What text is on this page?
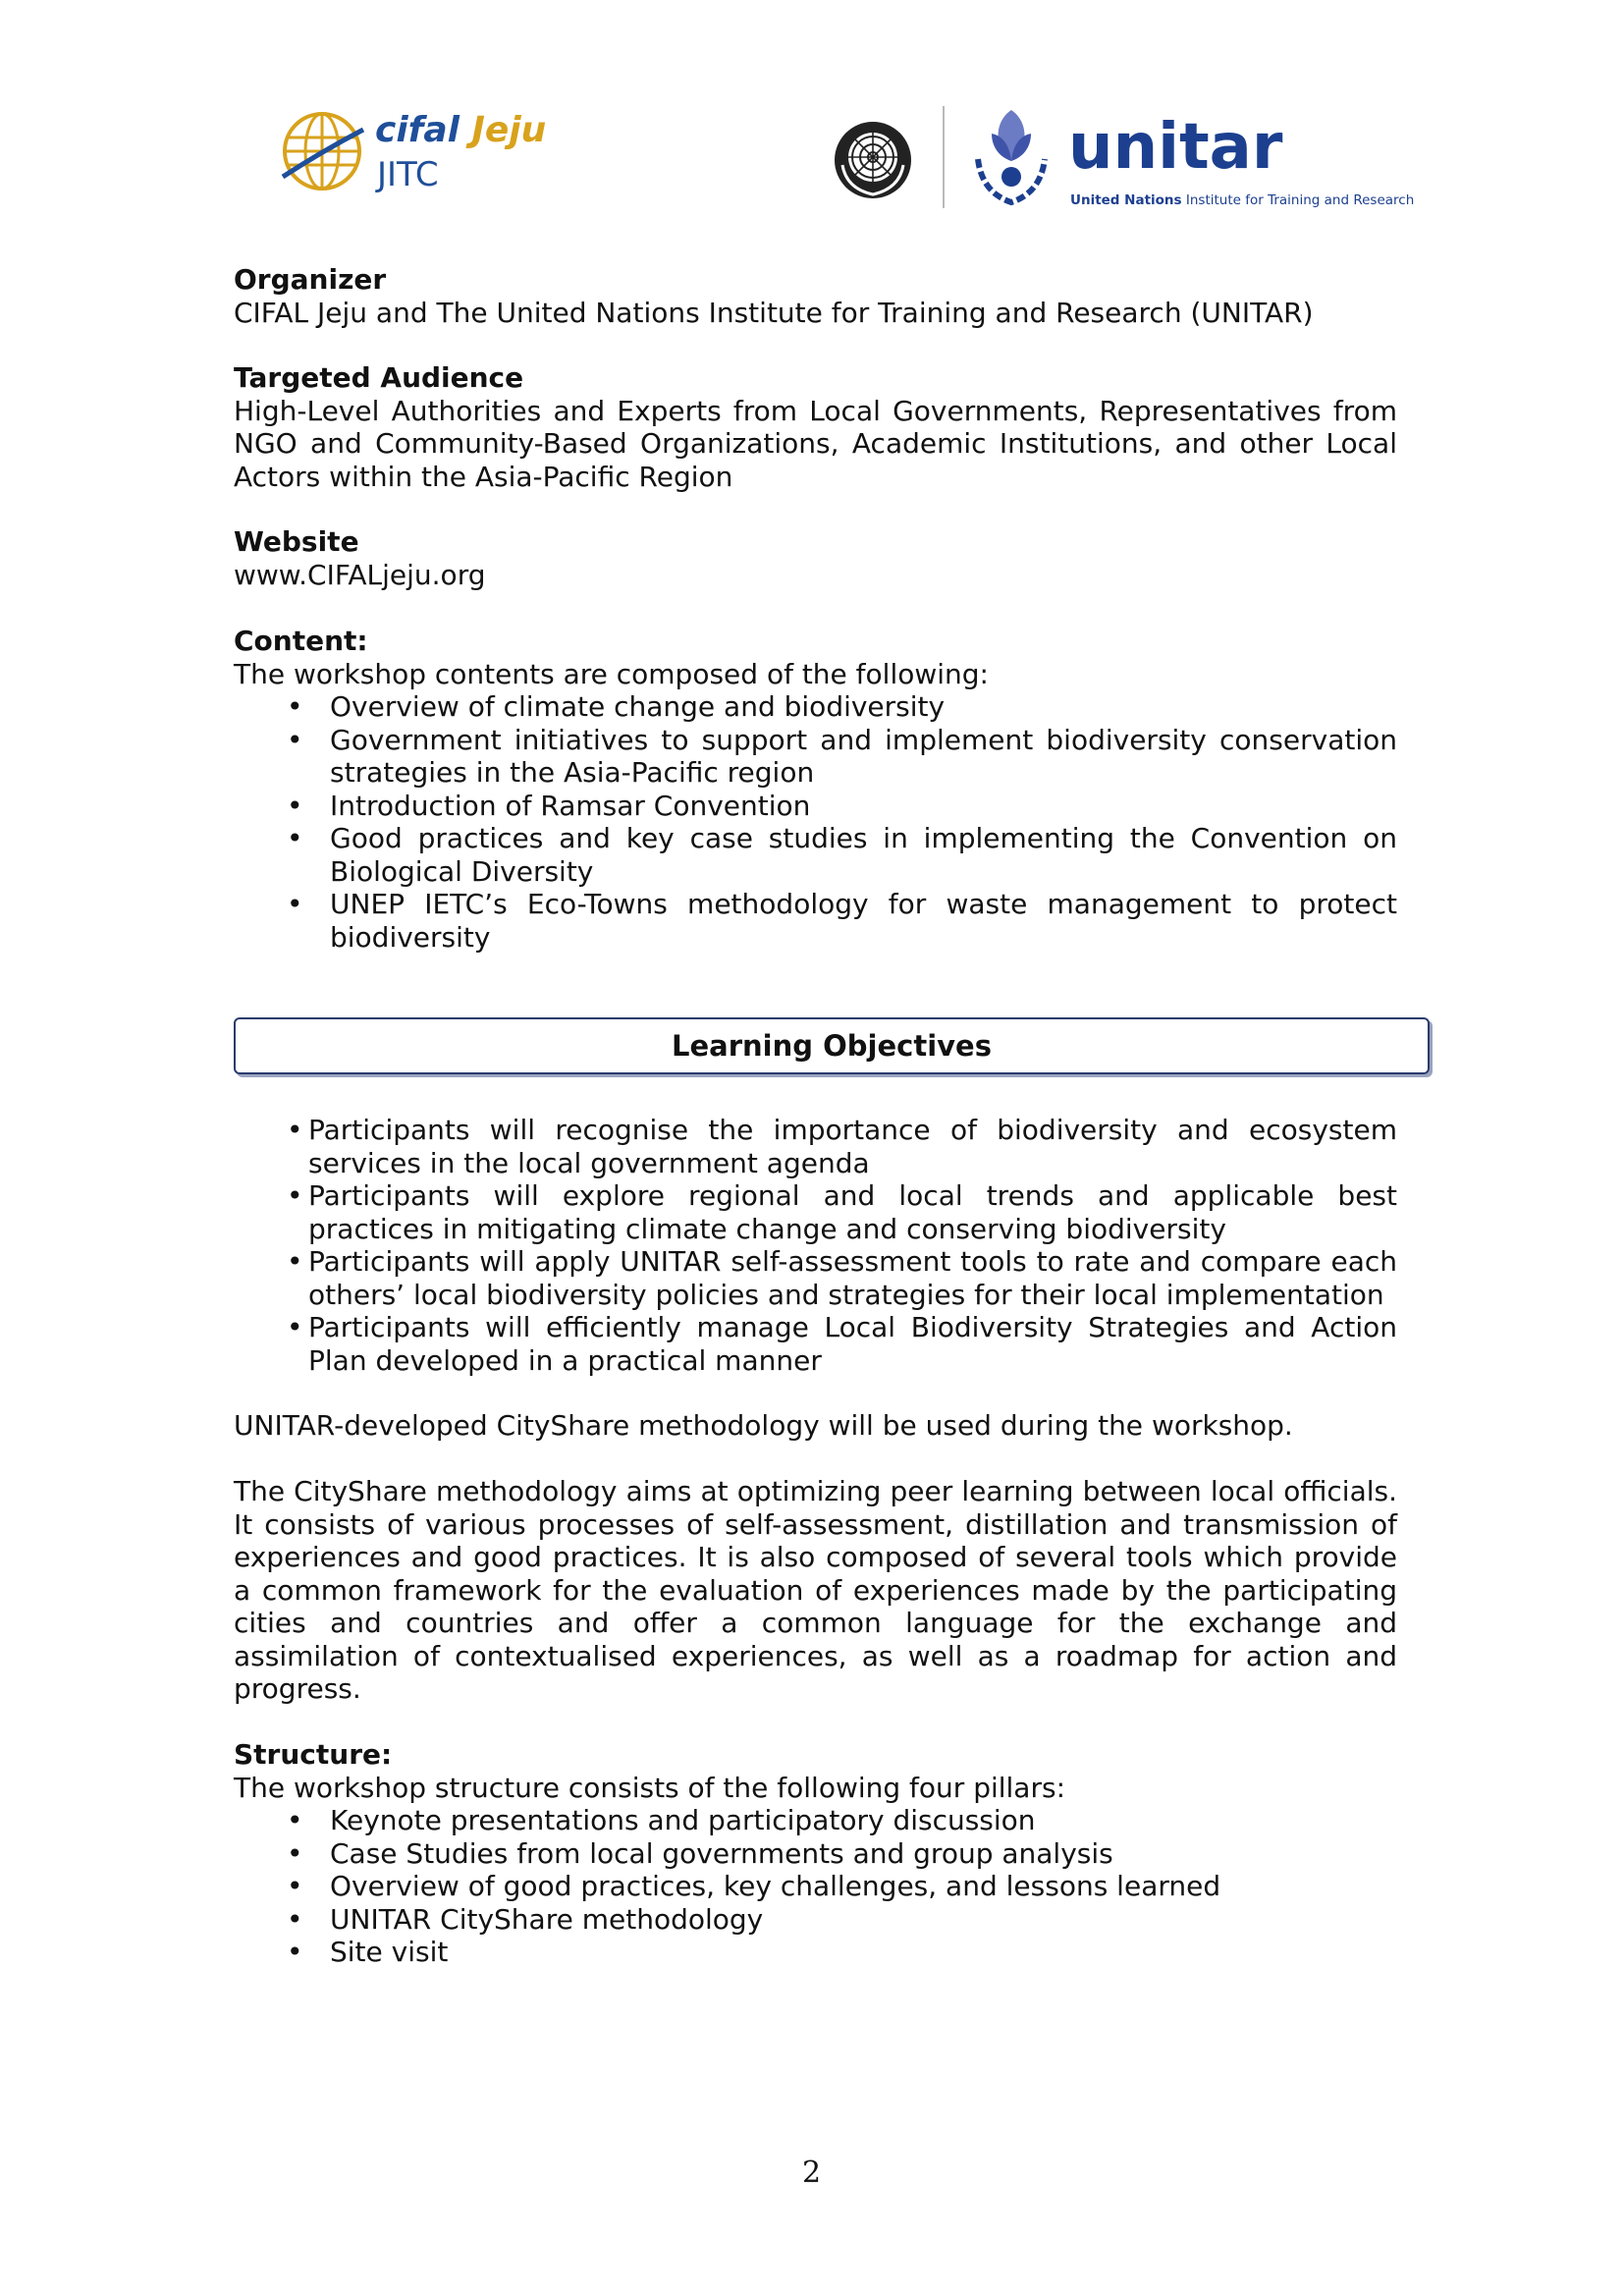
cifal Jeju
JITC	unitar
United Nations Institute for Training and Research

Organizer

CIFAL Jeju and The United Nations Institute for Training and Research (UNITAR)

Targeted Audience

High-Level Authorities and Experts from Local Governments, Representatives from NGO and Community-Based Organizations, Academic Institutions, and other Local Actors within the Asia-Pacific Region

Website

www.CIFALjeju.org

Content:

The workshop contents are composed of the following:

• Overview of climate change and biodiversity
• Government initiatives to support and implement biodiversity conservation strategies in the Asia-Pacific region
• Introduction of Ramsar Convention
• Good practices and key case studies in implementing the Convention on Biological Diversity
• UNEP IETC’s Eco-Towns methodology for waste management to protect biodiversity
• Participants will recognise the importance of biodiversity and ecosystem services in the local government agenda
• Participants will explore regional and local trends and applicable best practices in mitigating climate change and conserving biodiversity
• Participants will apply UNITAR self-assessment tools to rate and compare each others’ local biodiversity policies and strategies for their local implementation
• Participants will efficiently manage Local Biodiversity Strategies and Action Plan developed in a practical manner

UNITAR-developed CityShare methodology will be used during the workshop.

The CityShare methodology aims at optimizing peer learning between local officials. It consists of various processes of self-assessment, distillation and transmission of experiences and good practices. It is also composed of several tools which provide a common framework for the evaluation of experiences made by the participating cities and countries and offer a common language for the exchange and assimilation of contextualised experiences, as well as a roadmap for action and progress.

Structure:

The workshop structure consists of the following four pillars:

• Keynote presentations and participatory discussion
• Case Studies from local governments and group analysis
• Overview of good practices, key challenges, and lessons learned
• UNITAR CityShare methodology
• Site visit
Learning Objectives
2
